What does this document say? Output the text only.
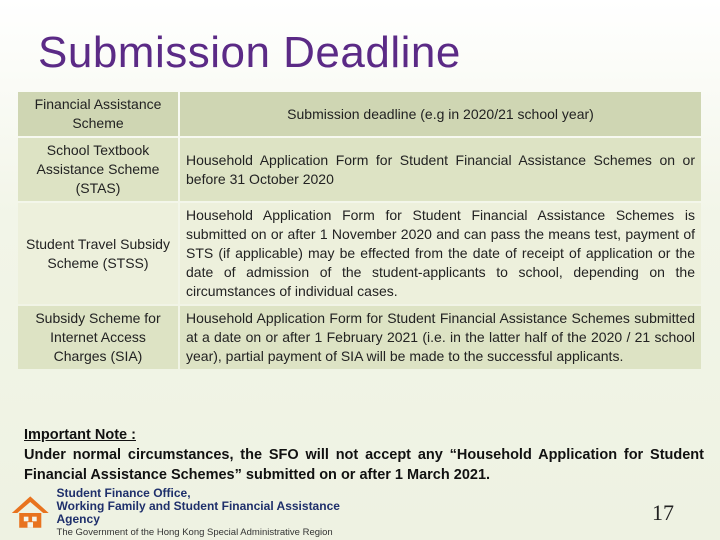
Submission Deadline
Financial Assistance Scheme	Submission deadline (e.g in 2020/21 school year)
School Textbook Assistance Scheme (STAS)	Household Application Form for Student Financial Assistance Schemes on or before 31 October 2020
Student Travel Subsidy Scheme (STSS)	Household Application Form for Student Financial Assistance Schemes is submitted on or after 1 November 2020 and can pass the means test, payment of STS (if applicable) may be effected from the date of receipt of application or the date of admission of the student-applicants to school, depending on the circumstances of individual cases.
Subsidy Scheme for Internet Access Charges (SIA)	Household Application Form for Student Financial Assistance Schemes submitted at a date on or after 1 February 2021 (i.e. in the latter half of the 2020 / 21 school year), partial payment of SIA will be made to the successful applicants.
Important Note :
Under normal circumstances, the SFO will not accept any “Household Application for Student Financial Assistance Schemes” submitted on or after 1 March 2021.
Student Finance Office,
Working Family and Student Financial Assistance Agency
The Government of the Hong Kong Special Administrative Region
17
